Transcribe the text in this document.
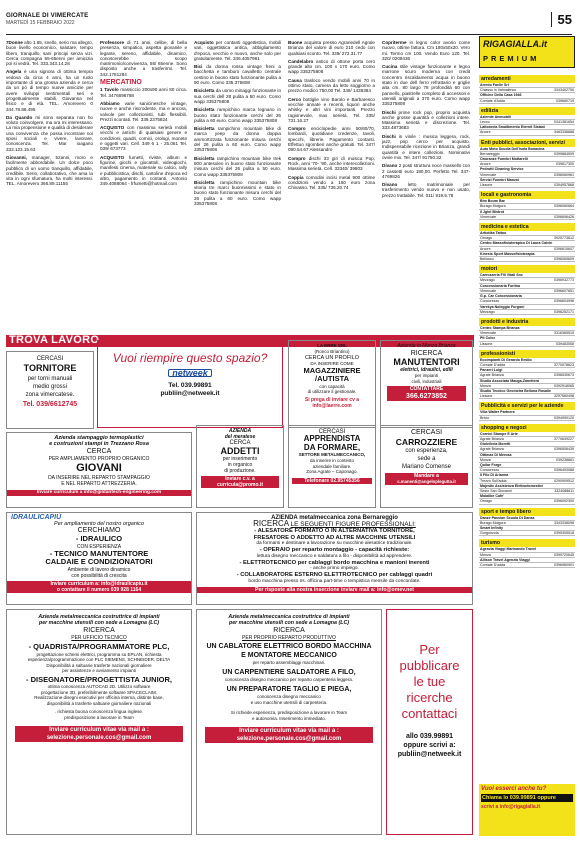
GIORNALE DI VIMERCATE
MARTEDÌ 15 FEBBRAIO 2022	55

7Donne alto 1.65, snello, serio ma allegro, buon livello economico, salutare, tempo libero, tranquillo, sani principi senza vizi. Cerca compagna 55-65enni per amicizia poi si vedrà. Tel. 333.343.14.28

Angela è una signora di ottima tempra vedova da circa 4 anni, ha un ruolo importante di una grossa azienda e cerca da un pò di tempo nuove amicizie per avere sviluppi sentimentali seri e progettualmente stabili. Giovanna nel fisico e di età. TEL. Amorevero 0 344.78.88.495

Da Quando mi sono separata non ho voluto coinvolgere, ma ora mi interessano. La mia propensione e qualità di desiderare una convivenza che possa incontrare noi sposi sociali e vivere, lavorare, conoscenza. Tel. Mar ioagano 333.123.15.63

Giovanni, manager, 52anni, moro e facilmente abbordabile. Un dolce poco pubblico di un uomo tranquillo, affidabile, credibile. Serio, collaborativo, che ama la vita in ogni sfumatura, ha molti interessi. TEL. Amorevero 366.89.11155

Professore di 71 anni, celibe, di bella presenza, simpatico, aspetta giovanile e legante, sereno, affidabile, dinamico, conoscerebbe scopo matrimonio/convivenza, 56/ 65enne. Sono disposto anche a trasferirmi. Tel. 342.1781284

MERCATINO

1 Tavolo massiccio 200x90 anni 80 circa. Tel. 3476696788

Abbiamo varie sanicinesche vintage, nuove e anche riscrodente, ma e ancora, valvole per collezionisti, tubi flessibili. Prezzi scontati. Tel. 339.2375824

ACQUISTO con massima serietà mobili vecchi e antichi di qualsiasi genere e condizioni, quadri, cornici, orologi, monete e oggetti vari. Cell. 349 6 1 - 25.061 Tel. 039/ 673773

ACQUISTO fumetti, riviste, album e figurine, giochi e giocattoli, videogiochi, manifesti cinema, materiale su calcio, rally e pubblicistica, dischi, cartoline d'epoca ed altro, pagamento in contanti. Antonio 349.4088064 - frfumetti@hotmail.com

Acquisto per contanti oggettistica, mobili vari, oggettistica antica, abbigliamento d'epoca, vecchio e nuovo, anche solo per gratuitamente. Tel. 346.4057961

Bici da donna rossa vintage freni a bacchetta e tamburo cavalletto centrale cestino in buono stato funzionante pulita a 90 euro. Como 335.375808

Bicicletta da uomo minaggi funzionante in sua cerchi dell 28 pulita a 50 euro. Como wapp 335375808

Bicicletta rampichino marca legnano in buono stato funzionante cerchi del 26 pulita a 60 euro. Como wapp 335375808

Bicicletta rampichino mountain bike di marca yeep da donna doppia ammortizzata funzionante misura cerchi del 26 pulita a 60 euro. Como wapp 335375808

Bicicletta rampichino mountain bike trek 800 antesoleo in buono stato funzionante misura cerchi del 26 pulita a 50 euro. Como wapp 335375808

Bicicletta rampichino mountain bike vitoria tre marci buonnissimi e stato in buono stato funzionante misura cerchi del 26 pulita a 60 euro. Como wapp 335375808

Buone acquista presso Agrariedell Agrale Brianza del valore di euro 210 cedo con qualsiasi sconto. Tel. 339/ 272.31.77

Candelabro antico di ottone porta cero grande alto cm. 100 x 170 euro. Como wapp 335375808

Causa trasloco vendo mobili anni 70 in ottimo stato, camera da letto soggiorno a prezzo modico 750,00 Tel. 349/ 1436384

Cerco bottiglie vino Barolo e Barbaresco vecchie annate e recenti, liquori anche whisky e altri vini importanti. Prezzo ragionevole, max serietà. Tel. 335/ 731.16.27

Compro enciclopedie anni 50/60/70, lombardi, quotidiane credenze, tavoli, specchi, librerie. Pagamento contanti. Effettuo sgomberi anche gratuiti. Tel. 347/ 090.54.67 Alessandro

Compro dischi 33 giri di musica Pop, Rock, anni '70- '90, anche interecollezioni. Massima serietà. Cell. 33340/ 39803

Coppia comodini incisi metal 900 ottime condizioni vendo a 150 euro zona Chivasso. Tel. 335/ 736.20.74

Copriterme in legno color avorio come nuovo, ottime fattura. Cm 180x50x20. Vero mi. Termo cm 100. Vendo Euro 120. Tel. 320/ 0209436

Cucina stile vintage funzionante e legno marrone scuro moderna con credit concentro riscaldamento acqua in buono stato in due dell ferro refrattario e griglie alta cm. 80 largo 78 profondità 60 con pannello, piastrelle completo di accessori e utensili originali a 370 euro. Como wapp 335375808

Dischi prime rock pop, proprio acquista anche grosse quantità e collezioni intere. Massima serietà e discrezione. Tel. 333.4873683

Dischi in vinile : musica leggera, rock, jazz, pop cerco per acquisto. Indispensabile ricezione in Brianza, grandi quantità e intere collezioni. Nominativi ovvie mix. Tel. 347/ 91750.32

Divano 2 posti struttura noce massello con 2 cassetti euro 180,00. Perfetto Tel. 347-4769826

Divano letto matrimoniale per trasferimento vendo nuovo e non usato, prezzo trattabile. Tel. 011/ 919.5.78

TROVA LAVORO
CERCASI
TORNITORE
per torni manuali
medio grossi
zona vimercatese.
Tel. 039/6612745
Vuoi riempire questo spazio?
netweek
Tel. 039.99891
publiin@netweek.it
LA ERRE SRL
(Ronco Briantino)
CERCA UN PROFILO
DA INSERIRE COME
MAGAZZINIERE
/AUTISTA
con capacità
di utilizzare il gestionale.
Si prega di inviare cv a
info@laerre.com
Azienda in Monza Brianza
RICERCA
MANUTENTORI
elettrici, idraulici, edili
per impianti
civili, industriali
CONTATTARE
366.6273852
Azienda stampaggio termoplastici
e costruzioni stampi in Trezzano Rosa
CERCA
PER AMPLIAMENTO PROPRIO ORGANICO
GIOVANI
DA INSERIRE NEL REPARTO STAMPAGGIO
E NEL REPARTO ATTREZZERIA.
Inviare curriculum a info@gildantech-engineering.com
AZIENDA
del meratese
CERCA
ADDETTI
per inserimento
in organico
di produzione.
Inviare c.v. a
curricula@promo.it
CERCASI
APPRENDISTA
DA FORMARE,
SETTORE METALMECCANICO,
da inserire in contesto
aziendale familiare.
Zona Agrate – Caponago.
Telefonare 02.95745356
CERCASI
CARROZZIERE
con esperienza,
sede a
Mariano Comense
Mandare a
c.manenti@angeloplegutta.it
IDRAULICAPIÙ
Per ampliamento del nostro organico
CERCHIAMO
- IDRAULICO
CON ESPERIENZA
- TECNICO MANUTENTORE
CALDAIE E CONDIZIONATORI
Ambiente di lavoro dinamico
con possibilità di crescita
Inviare curriculum a: info@idraulicapiu.it
o contattare il numero 039 928 1164
AZIENDA metalmeccanica zona Bernareggio
RICERCA LE SEGUENTI FIGURE PROFESSIONALI:
- ALESATORE FORMATO O IN ALTERNATIVA TORNITORE,
FRESATORE O ADDETTO AD ALTRE MACCHINE UTENSILI
da formarsi e destinare a lavorazione su macchine alesatrice tradizionale.
- OPERAIO per reparto montaggio - capacità richieste:
lettura disegno meccanico e saldatura a filo - disponibilità ad apprendere.
- ELETTROTECNICO per cablaggi bordo macchina e manioni inerenti
- anche primo impiego.
- COLLABORATORE ESTERNO ELETTROTECNICO per cablaggi quadri
bordo macchina presso ns. officina part-time o tempistica mensile da concordate.
Per risposte alla nostra inserzione inviare mail a: info@omev.net
Azienda metalmeccanica costruttrice di impianti
per macchine utensili con sede a Lomagna (LC)
RICERCA
PER UFFICIO TECNICO
- QUADRISTA/PROGRAMMATORE PLC,
progettazione schemi elettrici, programma su EPLAN, richiesta
esperienza/programmazione con PLC SIEMENS, SCHNEIDER, DELTA
Disponibilità a saltuarie trasferte nazionali giornaliere
per assistenze e avviamento impianti
- DISEGNATORE/PROGETTISTA JUNIOR,
ottima conoscenza AUTOCAD 2D. Utilizzo software
progettazione 3D, preferibilmente software SPACECLAIM.
Realizzazione disegni esecutivi per officina interna, distinte base,
disponibilità a trasferte saltuarie giornaliere nazionali
. richiesta buona conoscenza lingua inglese.
predisposizione a lavorare in Team
Inviare curriculum vitae via mail a :
selezione.personale.cos@gmail.com
Azienda metalmeccanica costruttrice di impianti
per macchine utensili con sede a Lomagna (LC)
RICERCA
PER PROPRIO REPARTO PRODUTTIVO
UN CABLATORE ELETTRICO BORDO MACCHINA
E MONTATORE MECCANICO
per reparto assemblaggi macchinari.
UN CARPENTIERE SALDATORE A FILO,
conoscenza disegno meccanico per reparto carpenteria leggera.
UN PREPARATORE TAGLIO E PIEGA,
conoscenza disegno meccanico
e uso macchine utensili di carpenteria.
Si richiede esperienza, predisposizione a lavorare in Team
e autonomia. Inserimento immediato.
Inviare curriculum vitae via mail a :
selezione.personale.cos@gmail.com
Per
pubblicare
le tue
ricerche
contattaci
allo 039.99891
oppure scrivi a:
publiin@netweek.it
RIGAGIALLA.it
PREMIUM
arredamenti
Arredo Facile Srl
Chiasso in Valmalenco	3343402750
Officine Della Casa 1946
Cornate d'Adda	039680719
edilizia
Aziende Ammobili
Lecco	0341381654
Lattoneria Smaltimento Eternit Sistani
Arcore	3463336888
Enti pubblici, associazioni, servizi
Auto Moto Scuola Dell'Isola Bonacina
Bernareggio	0399884509
Onoranze Funebri Mottarelli
Arcore	039617300
Pedrotti Cleaning Service
Vimercate	0396060961
Servizi Funebri Manzoi
Lissone	0394957868
locali e gastronomia
Bim Boum Bar
Burago Molgora	0396060664
Il Jgtel Bistrot
Vimercate	0396696426
medicina e estetica
Artiotika Tattoo
Ornago	3925773612
Centro Massofisioterapico Di Laura Calvin
Arcore	0396615607
Kinesis Sport Massofisioterapia
Bellusco	0396069609
motori
Carrozzeria Fili Vitali Snc
Mezzago	0396932773
Concessionaria Fortina
Vimercate	0396607851
G.p. Car Concessionaria
Concorezzo	0396604996
Varekya Noleggio Furgoni
Mezzago	0396252171
prodotti e industria
Centro Stampa Brianza
Vimercate	3316365519
Plt Color
Lissone	039483508
professionisti
Ecoimpianti Di Gerardo Emilio
Cornate D'adda	3770078623
Panzeri Luigi
Agrate Brianza	0396530673
Studio Associato Mauga-Zanettera
Monza	0392918065
Studio Tecnico Geometra Bellona Rosalle
Lissone	3297660498
Pubblicità e servizi per le aziende
Villa Walter Partners
Brivio	0394990120
shopping e negozi
Cornici Stampe E Arte
Agrate Brianza	3770639227
Gioielleria Moretti
Agrate Brianza	0396506439
Ottimax Di Merosa
Monza	039238861
Quilar Forge
Concorezzo	0396493088
Il Filo Di Arianna
Trezzo Sull'adda	0290909512
Majestic Assistenza Elettrodomestici
Sesto San Giovanni	3324088811
Molalibe Cafe'
Ornago	0396092300
sport e tempo libero
Danze Passion Scuola Di Danza
Burago Molgora	3343338098
Smart Infinity
Gorgonzola	0395305518
turismo
Agenzia Viaggi Marinando Travel
Monza	0399720645
Allison Travel Agenzia Viaggi
Cornate D'adda	0396960901
Vuoi esserci anche tu?
Chiama lo 039.99891 oppure
scrivi a info@rigagialla.it
